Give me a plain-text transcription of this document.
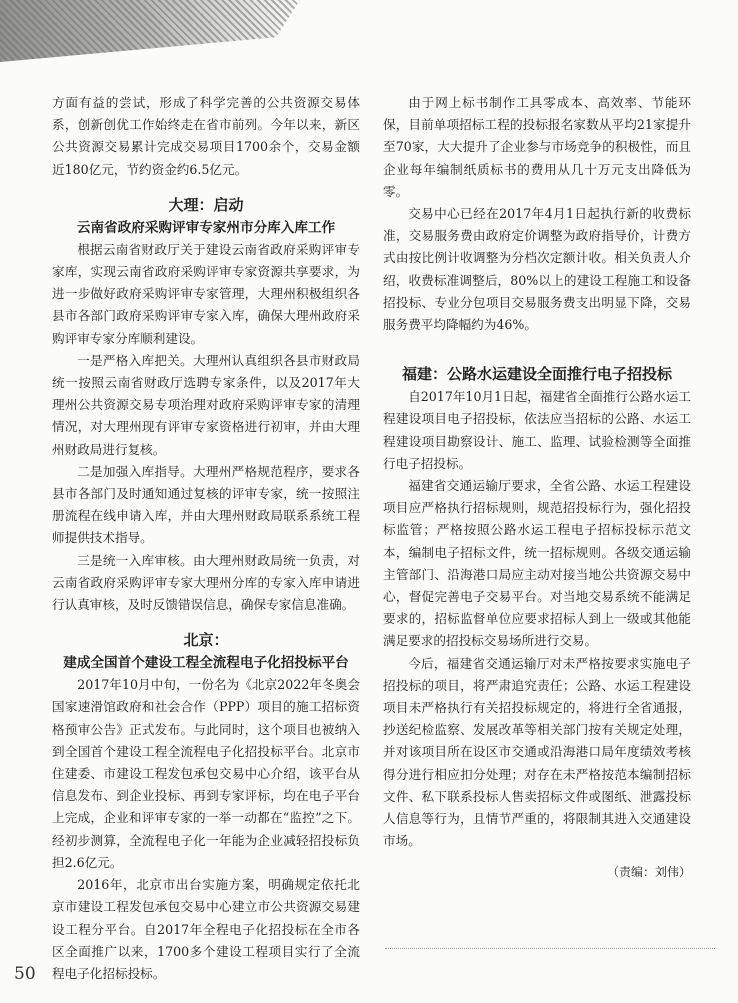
方面有益的尝试，形成了科学完善的公共资源交易体系，创新创优工作始终走在省市前列。今年以来，新区公共资源交易累计完成交易项目1700余个，交易金额近180亿元，节约资金约6.5亿元。

大理：启动
云南省政府采购评审专家州市分库入库工作

根据云南省财政厅关于建设云南省政府采购评审专家库，实现云南省政府采购评审专家资源共享要求，为进一步做好政府采购评审专家管理，大理州积极组织各县市各部门政府采购评审专家入库，确保大理州政府采购评审专家分库顺利建设。

一是严格入库把关。大理州认真组织各县市财政局统一按照云南省财政厅选聘专家条件，以及2017年大理州公共资源交易专项治理对政府采购评审专家的清理情况，对大理州现有评审专家资格进行初审，并由大理州财政局进行复核。

二是加强入库指导。大理州严格规范程序，要求各县市各部门及时通知通过复核的评审专家，统一按照注册流程在线申请入库，并由大理州财政局联系系统工程师提供技术指导。

三是统一入库审核。由大理州财政局统一负责，对云南省政府采购评审专家大理州分库的专家入库申请进行认真审核，及时反馈错误信息，确保专家信息准确。

北京：
建成全国首个建设工程全流程电子化招投标平台

2017年10月中旬，一份名为《北京2022年冬奥会国家速滑馆政府和社会合作（PPP）项目的施工招标资格预审公告》正式发布。与此同时，这个项目也被纳入到全国首个建设工程全流程电子化招投标平台。北京市住建委、市建设工程发包承包交易中心介绍，该平台从信息发布、到企业投标、再到专家评标，均在电子平台上完成，企业和评审专家的一举一动都在“监控”之下。经初步测算，全流程电子化一年能为企业减轻招投标负担2.6亿元。

2016年，北京市出台实施方案，明确规定依托北京市建设工程发包承包交易中心建立市公共资源交易建设工程分平台。自2017年全程电子化招投标在全市各区全面推广以来，1700多个建设工程项目实行了全流程电子化招标投标。

由于网上标书制作工具零成本、高效率、节能环保，目前单项招标工程的投标报名家数从平均21家提升至70家，大大提升了企业参与市场竞争的积极性，而且企业每年编制纸质标书的费用从几十万元支出降低为零。

交易中心已经在2017年4月1日起执行新的收费标准，交易服务费由政府定价调整为政府指导价，计费方式由按比例计收调整为分档次定额计收。相关负责人介绍，收费标准调整后，80%以上的建设工程施工和设备招投标、专业分包项目交易服务费支出明显下降，交易服务费平均降幅约为46%。

福建：公路水运建设全面推行电子招投标

自2017年10月1日起，福建省全面推行公路水运工程建设项目电子招投标，依法应当招标的公路、水运工程建设项目勘察设计、施工、监理、试验检测等全面推行电子招投标。

福建省交通运输厅要求，全省公路、水运工程建设项目应严格执行招标规则，规范招投标行为，强化招投标监管；严格按照公路水运工程电子招标投标示范文本，编制电子招标文件，统一招标规则。各级交通运输主管部门、沿海港口局应主动对接当地公共资源交易中心，督促完善电子交易平台。对当地交易系统不能满足要求的，招标监督单位应要求招标人到上一级或其他能满足要求的招投标交易场所进行交易。

今后，福建省交通运输厅对未严格按要求实施电子招投标的项目，将严肃追究责任；公路、水运工程建设项目未严格执行有关招投标规定的，将进行全省通报，抄送纪检监察、发展改革等相关部门按有关规定处理，并对该项目所在设区市交通或沿海港口局年度绩效考核得分进行相应扣分处理；对存在未严格按范本编制招标文件、私下联系投标人售卖招标文件或图纸、泄露投标人信息等行为，且情节严重的，将限制其进入交通建设市场。

（责编：刘伟）
50
